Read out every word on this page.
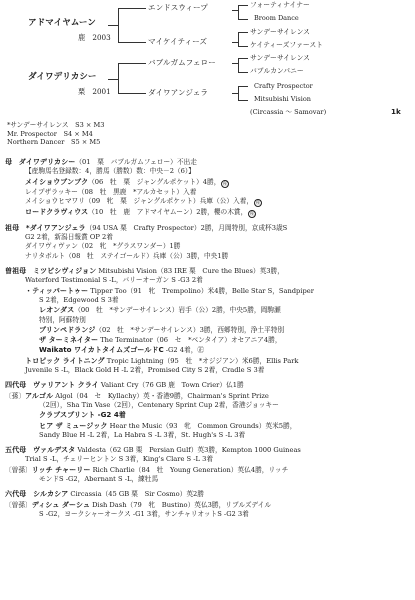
アドマイヤムーン
鹿　2003
ダイワデリカシー
栗　2001
エンドスウィープ
マイケイティーズ
バブルガムフェロー
ダイワアンジェラ
フォーティナイナー
Broom Dance
サンデーサイレンス
ケイティーズファースト
サンデーサイレンス
バブルカンパニー
Crafty Prospector
Mitsubishi Vision
(Circassia 〜 Samovar)	1k
*サンデーサイレンス　S3 × M3
Mr. Prospector　S4 × M4
Northern Dancer　S5 × M5
母　 ダイワデリカシー（01　栗　バブルガムフェロー）不出走
【産駒馬名登録数：4，勝馬（勝数）数：中央－2（6）】
メイショウブンブク（06　牡　栗　ジャングルポケット）4勝， 産
レイプザラッキー（08　牡　黒鹿　*アルカセット）入着
メイショウヒマワリ（09　牝　栗　ジャングルポケット）兵庫（公）入着， 産
ロードクラヴィウス（10　牡　鹿　アドマイヤムーン）2勝，櫻の木賞， 産
祖母　 *ダイワアンジェラ（94 USA 栗　Crafty Prospector）2勝，月岡特別，京成杯3歳S
G2 2着，新潟日報賞 OP 2着
ダイワヴィヴァン（02　牝　*グラスワンダー）1勝
ナリタボルト（08　牡　ステイゴールド）兵庫（公）3勝，中央1勝
曽祖母　 ミツビシヴィジョン Mitsubishi Vision（83 IRE 栗　Cure the Blues）英3勝，
Waterford Testimonial S -L，バリーオーガン S -G3 2着
・ティッパートゥー Tipper Too（91　牝　Trempolino）米4勝，Belle Star S，Sandpiper
S 2着，Edgewood S 3着
レオンダス（00　牡　*サンデーサイレンス）岩手（公）2勝，中央5勝，岡駒瀬
特別，阿蘇特別
プリンペドランジ（02　牡　*サンデーサイレンス）3勝，西郷特別，浄土平特別
ザ ターミネイター The Terminator（06　セ　*ベンタイア）オセアニア4勝，
Waikato ワイカトタイムズゴールドC -G2 4着，㊣
トロピック ライトニング Tropic Lightning（95　牡　*オジジアン）米6勝，Ellis Park
Juvenile S -L，Black Gold H -L 2着，Promised City S 2着，Cradle S 3着
四代母　 ヴァリアント クライ Valiant Cry（76 GB 鹿　Town Crier）仏1勝
〔孫〕アルゴル Algol（04　セ　Kyllachy）英・香港9勝，Chairman's Sprint Prize
（2回），Sha Tin Vase（2回），Centenary Sprint Cup 2着，香港ジョッキー
クラブスプリント -G2 4着
ヒア ザ ミュージック Hear the Music（93　牝　Common Grounds）英米5勝，
Sandy Blue H -L 2着，La Habra S -L 3着，St. Hugh's S -L 3着
五代母　 ヴァルデスタ Valdesta（62 GB 栗　Persian Gulf）英3勝，Kempton 1000 Guineas
Trial S -L，チェリーヒントン S 3着，King's Clare S -L 3着
〔曽孫〕　リッチ チャーリー Rich Charlie（84　牡　Young Generation）英仏4勝，リッチ
モンドS -G2，Abernant S -L，練牡馬
六代母　 シルカシア Circassia（45 GB 栗　Sir Cosmo）英2勝
〔曽孫〕　ディシュ ダーシュ Dish Dash（79　牝　Bustino）英仏3勝，リブルズデイル
S -G2，ヨークシャーオークス -G1 3着，サンチャリオットS -G2 3着
